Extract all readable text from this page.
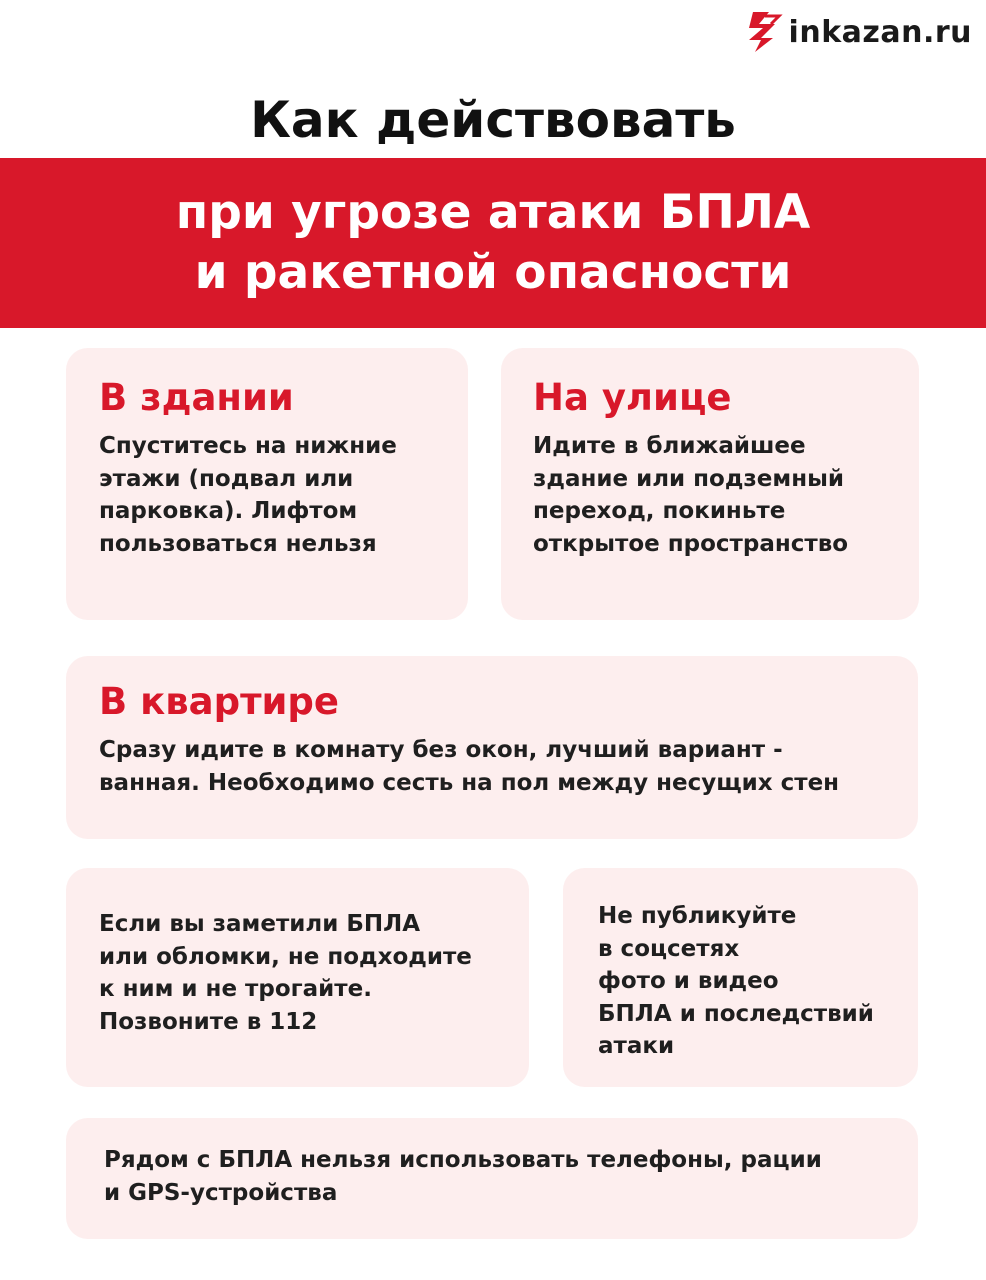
inkazan.ru
Как действовать
при угрозе атаки БПЛА
и ракетной опасности
В здании
Спуститесь на нижние
этажи (подвал или
парковка). Лифтом
пользоваться нельзя
На улице
Идите в ближайшее
здание или подземный
переход, покиньте
открытое пространство
В квартире
Сразу идите в комнату без окон, лучший вариант -
ванная. Необходимо сесть на пол между несущих стен
Если вы заметили БПЛА
или обломки, не подходите
к ним и не трогайте.
Позвоните в 112
Не публикуйте
в соцсетях
фото и видео
БПЛА и последствий
атаки
Рядом с БПЛА нельзя использовать телефоны, рации
и GPS-устройства
